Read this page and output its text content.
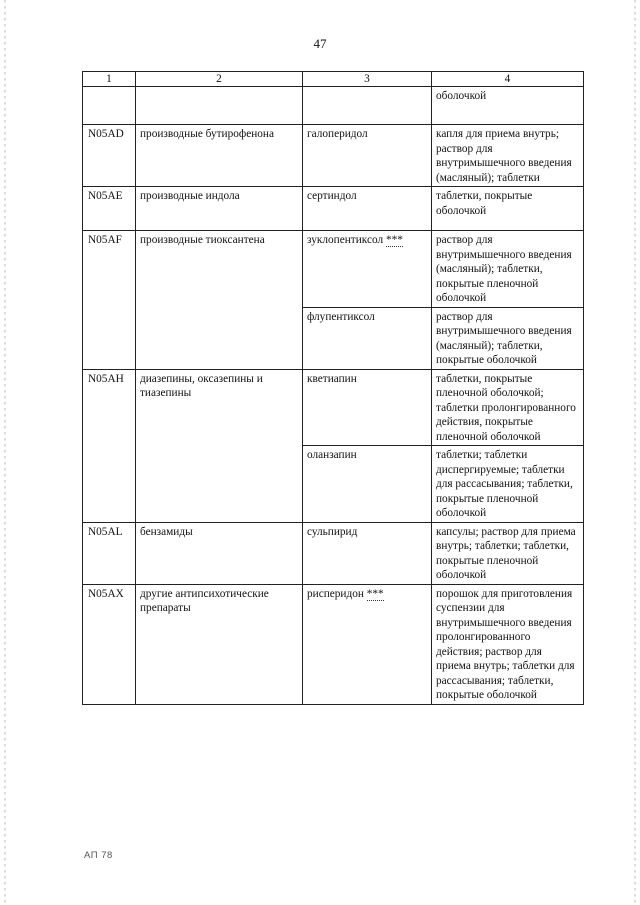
47
1	2	3	4
			оболочкой
N05AD	производные бутирофенона	галоперидол	капля для приема внутрь; раствор для внутримышечного введения (масляный); таблетки
N05AE	производные индола	сертиндол	таблетки, покрытые оболочкой
N05AF	производные тиоксантена	зуклопентиксол ***	раствор для внутримышечного введения (масляный); таблетки, покрытые пленочной оболочкой
		флупентиксол	раствор для внутримышечного введения (масляный); таблетки, покрытые оболочкой
N05AH	диазепины, оксазепины и тиазепины	кветиапин	таблетки, покрытые пленочной оболочкой; таблетки пролонгированного действия, покрытые пленочной оболочкой
		оланзапин	таблетки; таблетки диспергируемые; таблетки для рассасывания; таблетки, покрытые пленочной оболочкой
N05AL	бензамиды	сульпирид	капсулы; раствор для приема внутрь; таблетки; таблетки, покрытые пленочной оболочкой
N05AX	другие антипсихотические препараты	рисперидон ***	порошок для приготовления суспензии для внутримышечного введения пролонгированного действия; раствор для приема внутрь; таблетки для рассасывания; таблетки, покрытые оболочкой
АП 78
